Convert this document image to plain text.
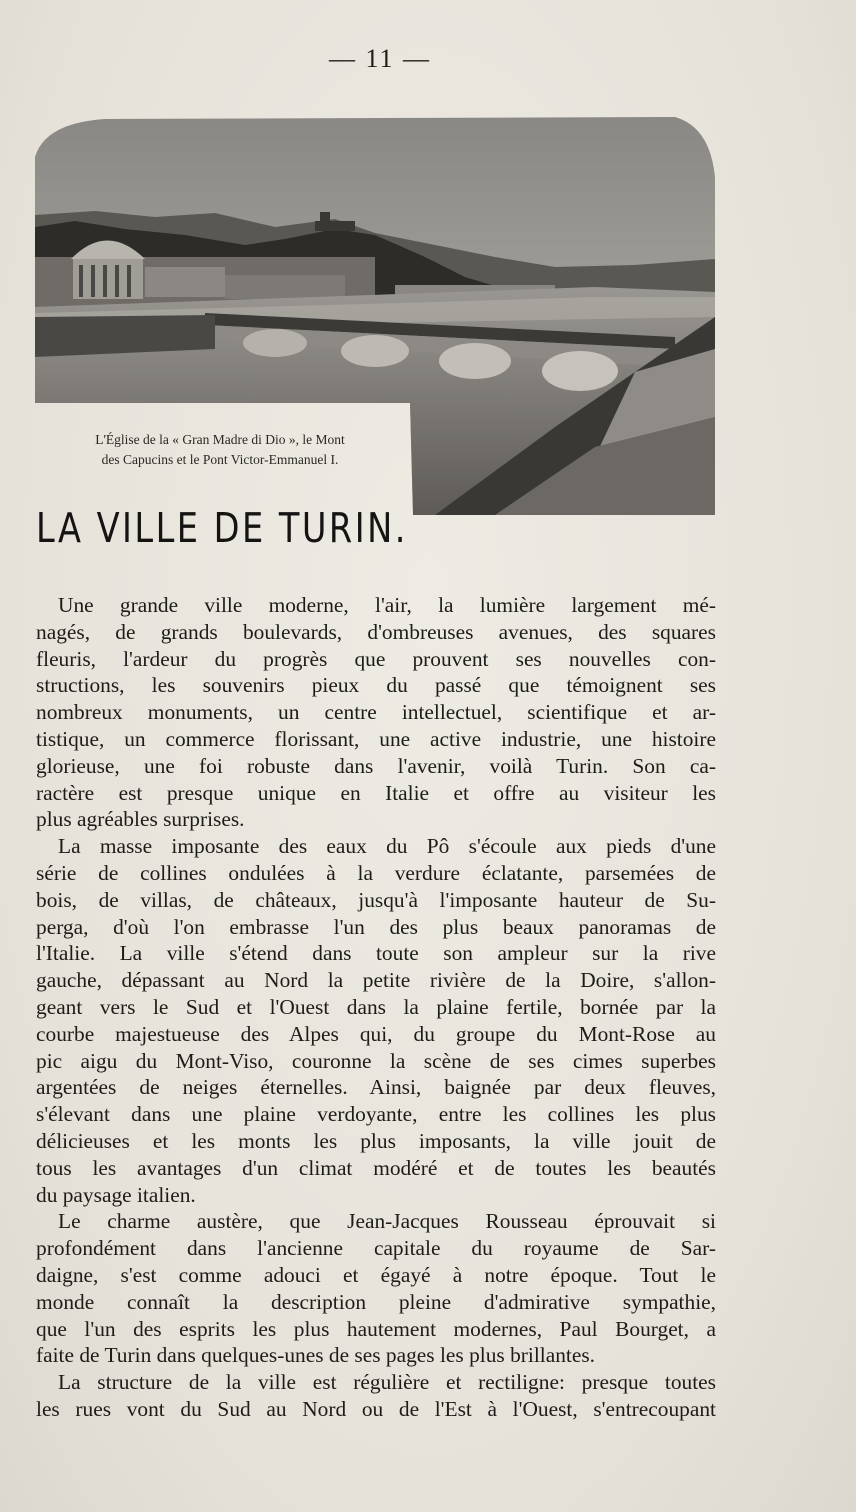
— 11 —
L'Église de la « Gran Madre di Dio », le Mont
des Capucins et le Pont Victor-Emmanuel I.
LA VILLE DE TURIN.
Une grande ville moderne, l'air, la lumière largement mé-
nagés, de grands boulevards, d'ombreuses avenues, des squares
fleuris, l'ardeur du progrès que prouvent ses nouvelles con-
structions, les souvenirs pieux du passé que témoignent ses
nombreux monuments, un centre intellectuel, scientifique et ar-
tistique, un commerce florissant, une active industrie, une histoire
glorieuse, une foi robuste dans l'avenir, voilà Turin. Son ca-
ractère est presque unique en Italie et offre au visiteur les
plus agréables surprises.
La masse imposante des eaux du Pô s'écoule aux pieds d'une
série de collines ondulées à la verdure éclatante, parsemées de
bois, de villas, de châteaux, jusqu'à l'imposante hauteur de Su-
perga, d'où l'on embrasse l'un des plus beaux panoramas de
l'Italie. La ville s'étend dans toute son ampleur sur la rive
gauche, dépassant au Nord la petite rivière de la Doire, s'allon-
geant vers le Sud et l'Ouest dans la plaine fertile, bornée par la
courbe majestueuse des Alpes qui, du groupe du Mont-Rose au
pic aigu du Mont-Viso, couronne la scène de ses cimes superbes
argentées de neiges éternelles. Ainsi, baignée par deux fleuves,
s'élevant dans une plaine verdoyante, entre les collines les plus
délicieuses et les monts les plus imposants, la ville jouit de
tous les avantages d'un climat modéré et de toutes les beautés
du paysage italien.
Le charme austère, que Jean-Jacques Rousseau éprouvait si
profondément dans l'ancienne capitale du royaume de Sar-
daigne, s'est comme adouci et égayé à notre époque. Tout le
monde connaît la description pleine d'admirative sympathie,
que l'un des esprits les plus hautement modernes, Paul Bourget, a
faite de Turin dans quelques-unes de ses pages les plus brillantes.
La structure de la ville est régulière et rectiligne: presque toutes
les rues vont du Sud au Nord ou de l'Est à l'Ouest, s'entrecoupant
